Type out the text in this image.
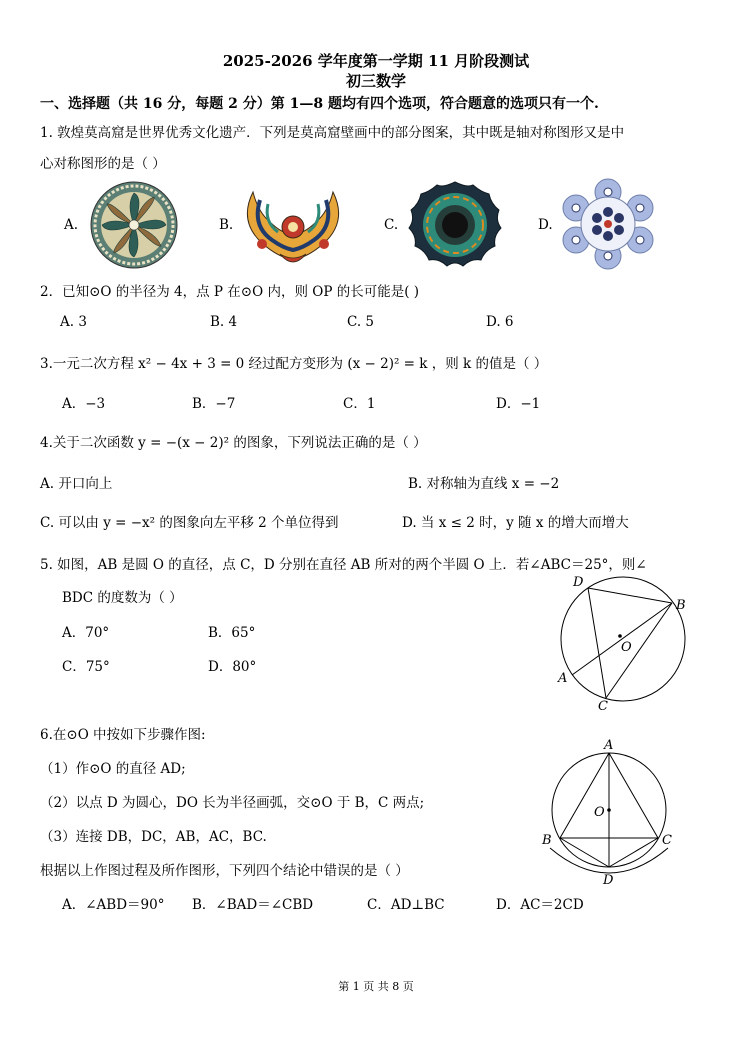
2025-2026 学年度第一学期 11 月阶段测试
初三数学
一、选择题（共 16 分，每题 2 分）第 1—8 题均有四个选项，符合题意的选项只有一个.
1. 敦煌莫高窟是世界优秀文化遗产．下列是莫高窟壁画中的部分图案，其中既是轴对称图形又是中
心对称图形的是（ ）
A.	B.	C.	D.
2．已知⊙O 的半径为 4，点 P 在⊙O 内，则 OP 的长可能是( )
A. 3	B. 4	C. 5	D. 6
3.一元二次方程 x² − 4x + 3 = 0 经过配方变形为 (x − 2)² = k ，则 k 的值是（ ）
A．−3	B．−7	C．1	D．−1
4.关于二次函数 y = −(x − 2)² 的图象，下列说法正确的是（ ）
A. 开口向上	B. 对称轴为直线 x = −2
C. 可以由 y = −x² 的图象向左平移 2 个单位得到	D. 当 x ≤ 2 时，y 随 x 的增大而增大
5. 如图，AB 是圆 O 的直径，点 C，D 分别在直径 AB 所对的两个半圆 O 上．若∠ABC＝25°，则∠
BDC 的度数为（ ）
A．70°	B．65°
C．75°	D．80°
D
B
O
A
C
6.在⊙O 中按如下步骤作图:
（1）作⊙O 的直径 AD;
（2）以点 D 为圆心，DO 长为半径画弧，交⊙O 于 B，C 两点;
（3）连接 DB，DC，AB，AC，BC.
根据以上作图过程及所作图形，下列四个结论中错误的是（ ）
A．∠ABD＝90° B．∠BAD＝∠CBD	C．AD⊥BC	D．AC＝2CD
A
O
B	C
D
第 1 页 共 8 页
